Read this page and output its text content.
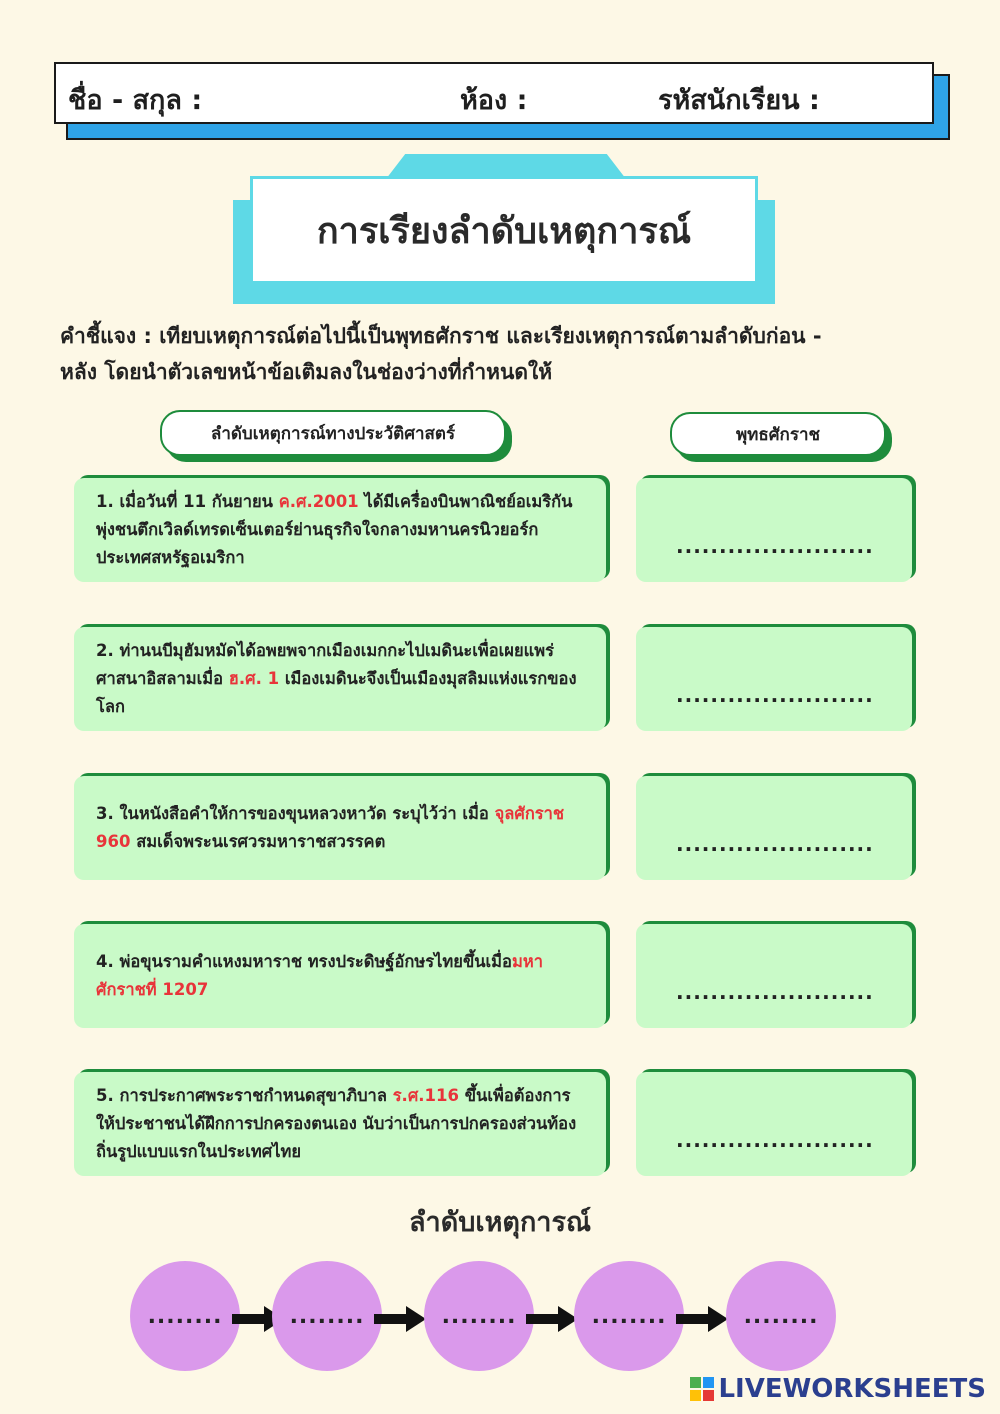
ชื่อ - สกุล :	ห้อง :	รหัสนักเรียน :
การเรียงลำดับเหตุการณ์
คำชี้แจง : เทียบเหตุการณ์ต่อไปนี้เป็นพุทธศักราช และเรียงเหตุการณ์ตามลำดับก่อน -
หลัง โดยนำตัวเลขหน้าข้อเติมลงในช่องว่างที่กำหนดให้
ลำดับเหตุการณ์ทางประวัติศาสตร์	พุทธศักราช
1. เมื่อวันที่ 11 กันยายน ค.ศ.2001 ได้มีเครื่องบินพาณิชย์อเมริกันพุ่งชนตึกเวิลด์เทรดเซ็นเตอร์ย่านธุรกิจใจกลางมหานครนิวยอร์ก ประเทศสหรัฐอเมริกา	.......................
2. ท่านนบีมุฮัมหมัดได้อพยพจากเมืองเมกกะไปเมดินะเพื่อเผยแพร่ศาสนาอิสลามเมื่อ ฮ.ศ. 1 เมืองเมดินะจึงเป็นเมืองมุสลิมแห่งแรกของโลก	.......................
3. ในหนังสือคำให้การของขุนหลวงหาวัด ระบุไว้ว่า เมื่อ จุลศักราช 960 สมเด็จพระนเรศวรมหาราชสวรรคต	.......................
4. พ่อขุนรามคำแหงมหาราช ทรงประดิษฐ์อักษรไทยขึ้นเมื่อมหาศักราชที่ 1207	.......................
5. การประกาศพระราชกำหนดสุขาภิบาล ร.ศ.116 ขึ้นเพื่อต้องการให้ประชาชนได้ฝึกการปกครองตนเอง นับว่าเป็นการปกครองส่วนท้องถิ่นรูปแบบแรกในประเทศไทย	.......................
ลำดับเหตุการณ์
........	........	........	........	........
LIVEWORKSHEETS
